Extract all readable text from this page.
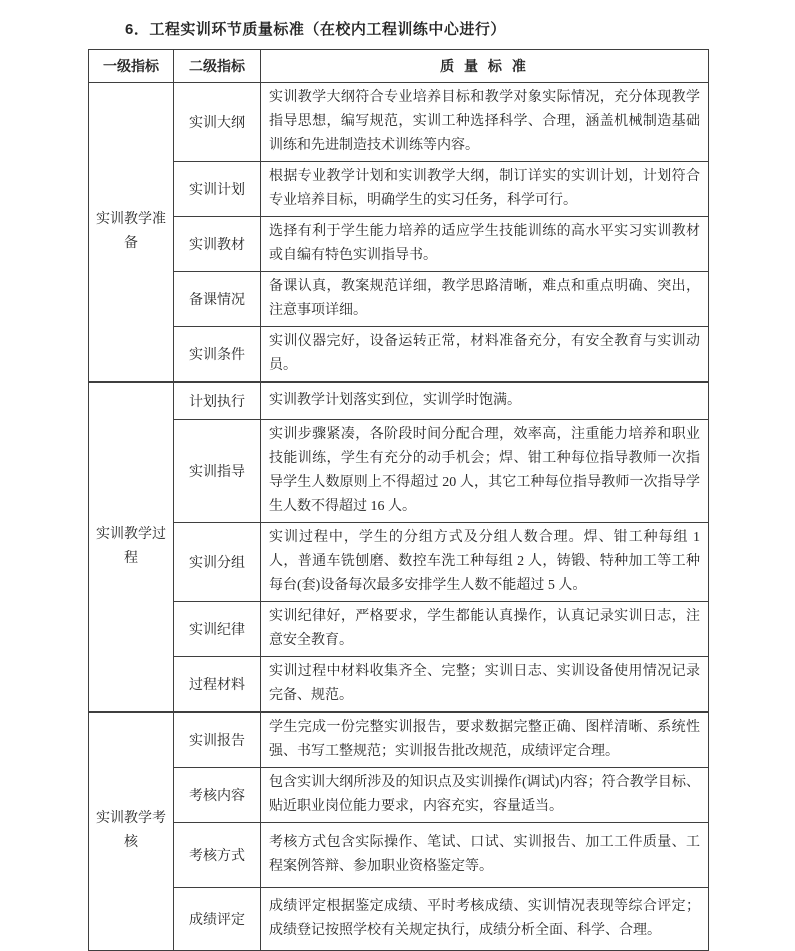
6．工程实训环节质量标准（在校内工程训练中心进行）
一级指标	二级指标	质 量 标 准
实训教学准备	实训大纲	实训教学大纲符合专业培养目标和教学对象实际情况，充分体现教学指导思想，编写规范，实训工种选择科学、合理，涵盖机械制造基础训练和先进制造技术训练等内容。
	实训计划	根据专业教学计划和实训教学大纲，制订详实的实训计划，计划符合专业培养目标，明确学生的实习任务，科学可行。
	实训教材	选择有利于学生能力培养的适应学生技能训练的高水平实习实训教材或自编有特色实训指导书。
	备课情况	备课认真，教案规范详细，教学思路清晰，难点和重点明确、突出，注意事项详细。
	实训条件	实训仪器完好，设备运转正常，材料准备充分，有安全教育与实训动员。
实训教学过程	计划执行	实训教学计划落实到位，实训学时饱满。
	实训指导	实训步骤紧凑，各阶段时间分配合理，效率高，注重能力培养和职业技能训练，学生有充分的动手机会；焊、钳工种每位指导教师一次指导学生人数原则上不得超过 20 人，其它工种每位指导教师一次指导学生人数不得超过 16 人。
	实训分组	实训过程中，学生的分组方式及分组人数合理。焊、钳工种每组 1 人，普通车铣刨磨、数控车洗工种每组 2 人，铸锻、特种加工等工种每台(套)设备每次最多安排学生人数不能超过 5 人。
	实训纪律	实训纪律好，严格要求，学生都能认真操作，认真记录实训日志，注意安全教育。
	过程材料	实训过程中材料收集齐全、完整；实训日志、实训设备使用情况记录完备、规范。
实训教学考核	实训报告	学生完成一份完整实训报告，要求数据完整正确、图样清晰、系统性强、书写工整规范；实训报告批改规范，成绩评定合理。
	考核内容	包含实训大纲所涉及的知识点及实训操作(调试)内容；符合教学目标、贴近职业岗位能力要求，内容充实，容量适当。
	考核方式	考核方式包含实际操作、笔试、口试、实训报告、加工工件质量、工程案例答辩、参加职业资格鉴定等。
	成绩评定	成绩评定根据鉴定成绩、平时考核成绩、实训情况表现等综合评定；成绩登记按照学校有关规定执行，成绩分析全面、科学、合理。
